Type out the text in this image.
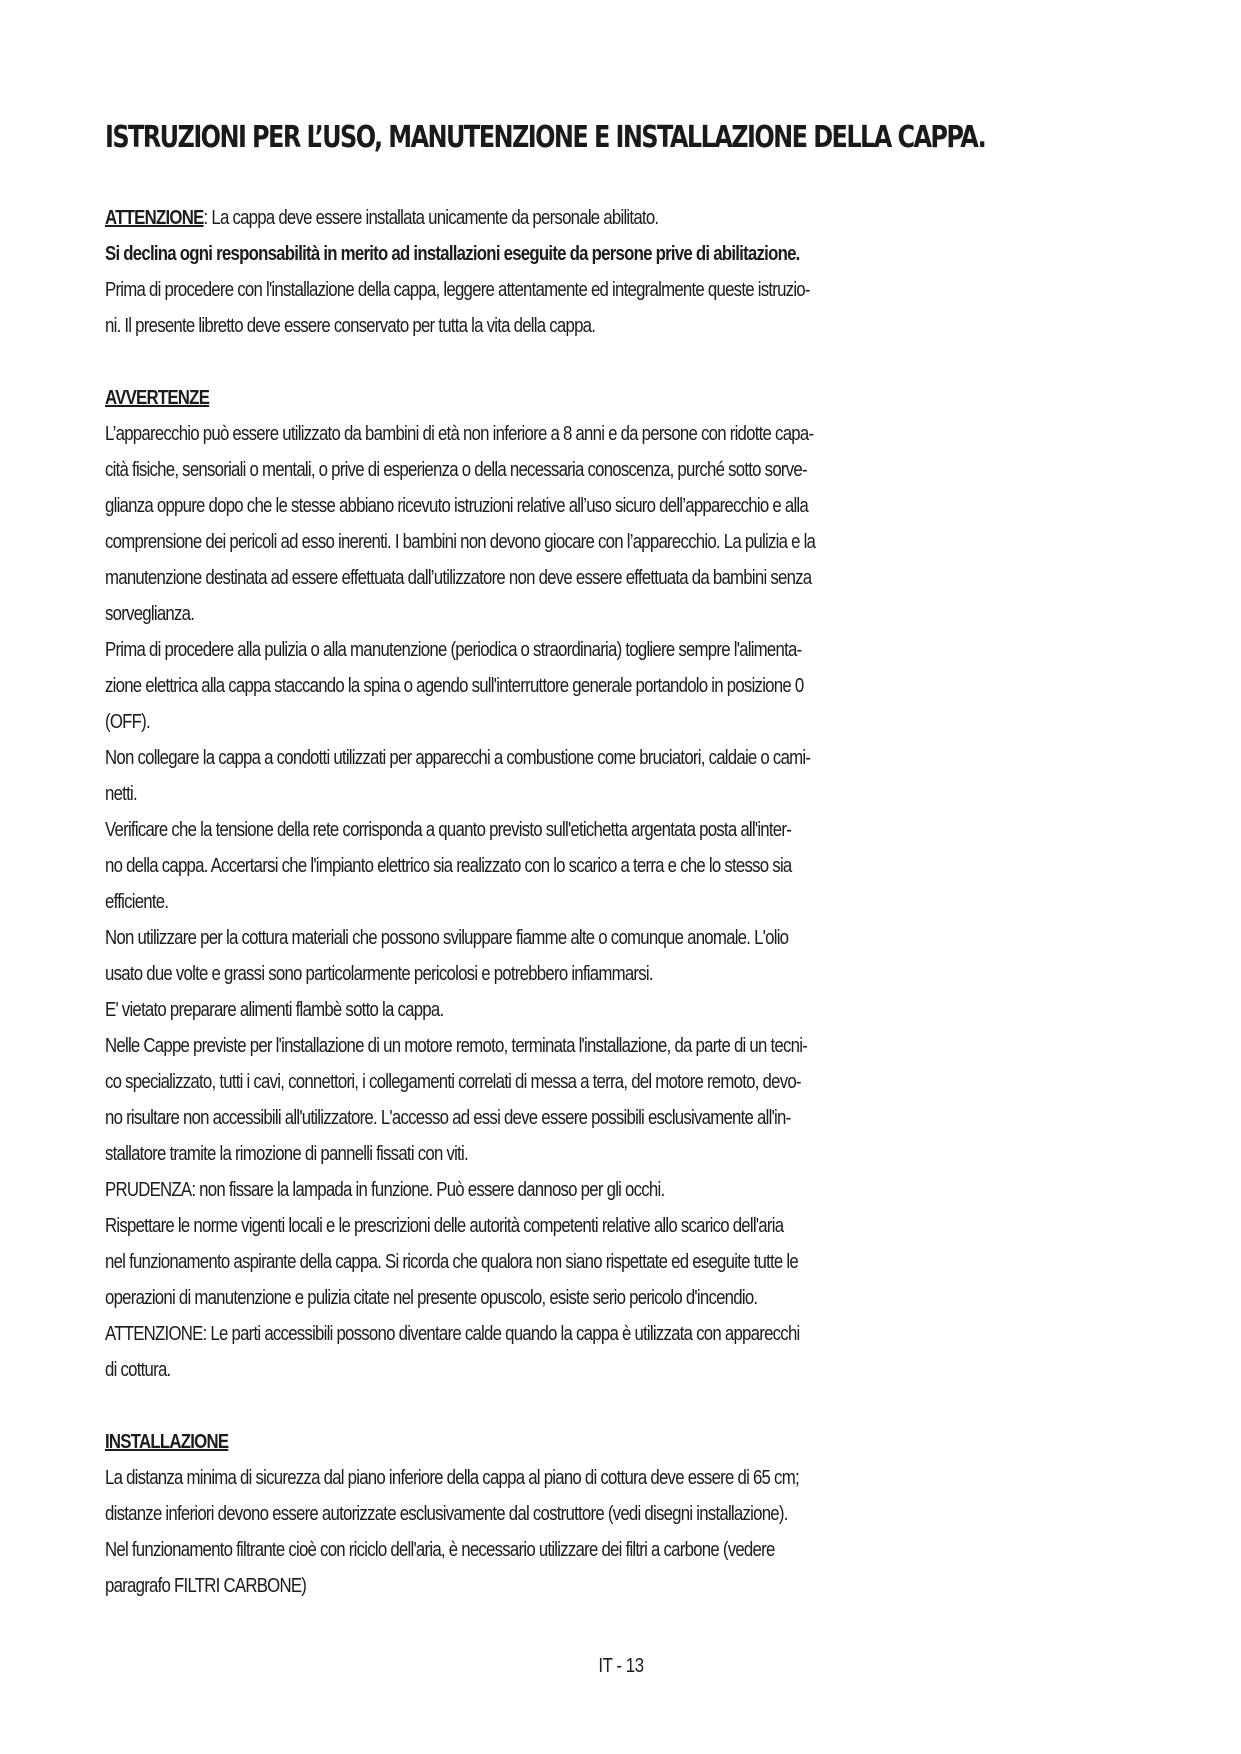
ISTRUZIONI PER L’USO, MANUTENZIONE E INSTALLAZIONE DELLA CAPPA.
ATTENZIONE: La cappa deve essere installata unicamente da personale abilitato.
Si declina ogni responsabilità in merito ad installazioni eseguite da persone prive di abilitazione.
Prima di procedere con l'installazione della cappa, leggere attentamente ed integralmente queste istruzio-
ni. Il presente libretto deve essere conservato per tutta la vita della cappa.
AVVERTENZE
L’apparecchio può essere utilizzato da bambini di età non inferiore a 8 anni e da persone con ridotte capa-
cità fisiche, sensoriali o mentali, o prive di esperienza o della necessaria conoscenza, purché sotto sorve-
glianza oppure dopo che le stesse abbiano ricevuto istruzioni relative all’uso sicuro dell’apparecchio e alla
comprensione dei pericoli ad esso inerenti. I bambini non devono giocare con l’apparecchio. La pulizia e la
manutenzione destinata ad essere effettuata dall’utilizzatore non deve essere effettuata da bambini senza
sorveglianza.
Prima di procedere alla pulizia o alla manutenzione (periodica o straordinaria) togliere sempre l'alimenta-
zione elettrica alla cappa staccando la spina o agendo sull'interruttore generale portandolo in posizione 0
(OFF).
Non collegare la cappa a condotti utilizzati per apparecchi a combustione come bruciatori, caldaie o cami-
netti.
Verificare che la tensione della rete corrisponda a quanto previsto sull'etichetta argentata posta all'inter-
no della cappa. Accertarsi che l'impianto elettrico sia realizzato con lo scarico a terra e che lo stesso sia
efficiente.
Non utilizzare per la cottura materiali che possono sviluppare fiamme alte o comunque anomale. L'olio
usato due volte e grassi sono particolarmente pericolosi e potrebbero infiammarsi.
E' vietato preparare alimenti flambè sotto la cappa.
Nelle Cappe previste per l'installazione di un motore remoto, terminata l'installazione, da parte di un tecni-
co specializzato, tutti i cavi, connettori, i collegamenti correlati di messa a terra, del motore remoto, devo-
no risultare non accessibili all'utilizzatore. L'accesso ad essi deve essere possibili esclusivamente all'in-
stallatore tramite la rimozione di pannelli fissati con viti.
PRUDENZA: non fissare la lampada in funzione. Può essere dannoso per gli occhi.
Rispettare le norme vigenti locali e le prescrizioni delle autorità competenti relative allo scarico dell'aria
nel funzionamento aspirante della cappa. Si ricorda che qualora non siano rispettate ed eseguite tutte le
operazioni di manutenzione e pulizia citate nel presente opuscolo, esiste serio pericolo d'incendio.
ATTENZIONE: Le parti accessibili possono diventare calde quando la cappa è utilizzata con apparecchi
di cottura.
INSTALLAZIONE
La distanza minima di sicurezza dal piano inferiore della cappa al piano di cottura deve essere di 65 cm;
distanze inferiori devono essere autorizzate esclusivamente dal costruttore (vedi disegni installazione).
Nel funzionamento filtrante cioè con riciclo dell'aria, è necessario utilizzare dei filtri a carbone (vedere
paragrafo FILTRI CARBONE)
IT - 13
